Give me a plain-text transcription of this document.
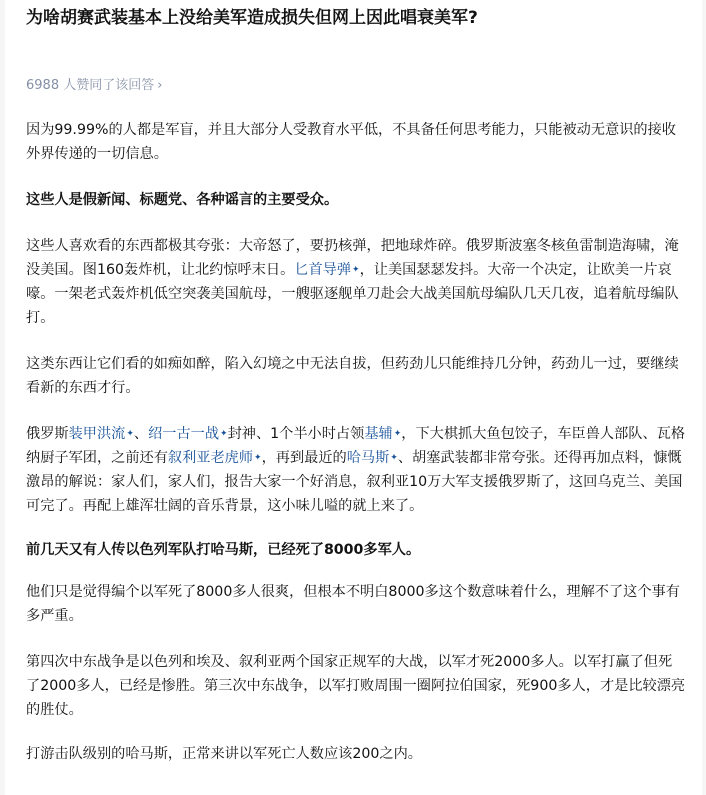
为啥胡赛武装基本上没给美军造成损失但网上因此唱衰美军?
6988 人赞同了该回答 ›

因为99.99%的人都是军盲，并且大部分人受教育水平低，不具备任何思考能力，只能被动无意识的接收外界传递的一切信息。

这些人是假新闻、标题党、各种谣言的主要受众。

这些人喜欢看的东西都极其夸张：大帝怒了，要扔核弹，把地球炸碎。俄罗斯波塞冬核鱼雷制造海啸，淹没美国。图160轰炸机，让北约惊呼末日。匕首导弹✦，让美国瑟瑟发抖。大帝一个决定，让欧美一片哀嚎。一架老式轰炸机低空突袭美国航母，一艘驱逐舰单刀赴会大战美国航母编队几天几夜，追着航母编队打。

这类东西让它们看的如痴如醉，陷入幻境之中无法自拔，但药劲儿只能维持几分钟，药劲儿一过，要继续看新的东西才行。

俄罗斯装甲洪流✦、绍一古一战✦封神、1个半小时占领基辅✦，下大棋抓大鱼包饺子，车臣兽人部队、瓦格纳厨子军团，之前还有叙利亚老虎师✦，再到最近的哈马斯✦、胡塞武装都非常夸张。还得再加点料，慷慨激昂的解说：家人们，家人们，报告大家一个好消息，叙利亚10万大军支援俄罗斯了，这回乌克兰、美国可完了。再配上雄浑壮阔的音乐背景，这小味儿嗌的就上来了。

前几天又有人传以色列军队打哈马斯，已经死了8000多军人。

他们只是觉得编个以军死了8000多人很爽，但根本不明白8000多这个数意味着什么，理解不了这个事有多严重。

第四次中东战争是以色列和埃及、叙利亚两个国家正规军的大战，以军才死2000多人。以军打赢了但死了2000多人，已经是惨胜。第三次中东战争，以军打败周围一圈阿拉伯国家，死900多人，才是比较漂亮的胜仗。

打游击队级别的哈马斯，正常来讲以军死亡人数应该200之内。
